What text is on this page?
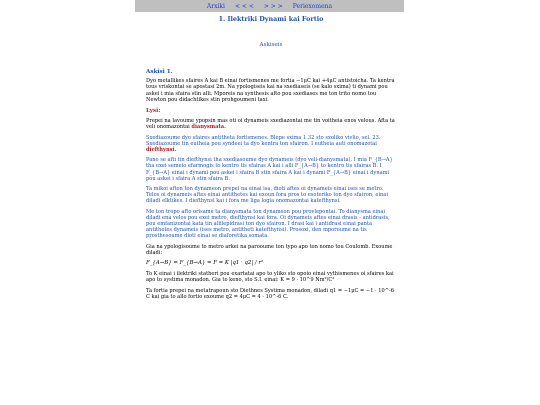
Arxiki < < < > > > Periexomena
1. Ilektriki Dynami kai Fortio
Askiseis
Askisi 1.

Dyo metallikes sfaires A kai B einai fortismenes me fortia −1μC kai +4μC antistoicha. Ta kentra tous vriskontai se apostasi 2m. Na ypologiseis kai na sxediaseis (se kalo sxima) ti dynami pou askei i mia sfaira stin alli. Mporeis na synthesis afto pou sxediases me ton trito nomo tou Newton pou didachtikes stin prohgoumeni taxi.

Lysi:

Prepei na lavoume ypopsin mas oti oi dynameis sxediazontai me tin voitheia enos velous. Afta ta veli onomazontai dianysmata.

Sxediazoume dyo sfaires antitheta fortismenes. Blepe sxima 1.32 sto sxoliko vivlio, sel. 23. Sxediazoume tin eutheia pou syndeei ta dyo kentra ton sfairon. I eutheia auti onomazetai diefthynsi.

Pano se afti tin diefthynsi tha sxediasoume dyo dynameis (dyo veli-dianysmata). I mia F_{B→A} tha exei semeio efarmogis to kentro tis sfairas A kai i alli F_{A→B} to kentro tis sfairas B. I F_{B→A} einai i dynami pou askei i sfaira B stin sfaira A kai i dynami F_{A→B} einai i dynami pou askei i sfaira A stin sfaira B.

Ta mikoi afton ton dynameon prepei na einai isa, dioti aftes oi dynameis einai ises se metro. Telos oi dynameis aftes einai antithetes kai exoun fora pros to esoteriko ton dyo sfairon, einai diladi elktikes. I diefthynsi kai i fora me liga logia onomazontai katefthynsi.

Me ton tropo afto orisame ta dianysmata ton dynameon pou provlepontai. To dianysma einai diladi ena velos pou exei metro, diefthynsi kai fora. Oi dynameis aftes einai drasis - antidrasis, pou emfanizontai kata tin allilepidrasi ton dyo sfairon. I drasi kai i antidrasi einai panta antithetes dynameis (ises metro, antitheti katefthynsi). Prosoxi, den mporoume na tis prosthesoume dioti einai se diaforetika somata.

Gia na ypologisoume to metro arkei na parooume ton typo apo ton nomo tou Coulomb. Exoume diladi:

F_{A→B} = F_{B→A} = F = K |q1 · q2| / r²

To K einai i ilektriki statheri pou exartatai apo to yliko sto opoio einai vythismenes oi sfaires kai apo to systima monadon. Gia to keno, sto S.I. einai: K = 9 · 10^9 Nm²/C²

Ta fortia prepei na metatrapoun sto Diethnes Systima monadon, diladi q1 = −1μC = −1 · 10^-6 C kai gia to allo fortio exoume q2 = 4μC = 4 · 10^-6 C.
